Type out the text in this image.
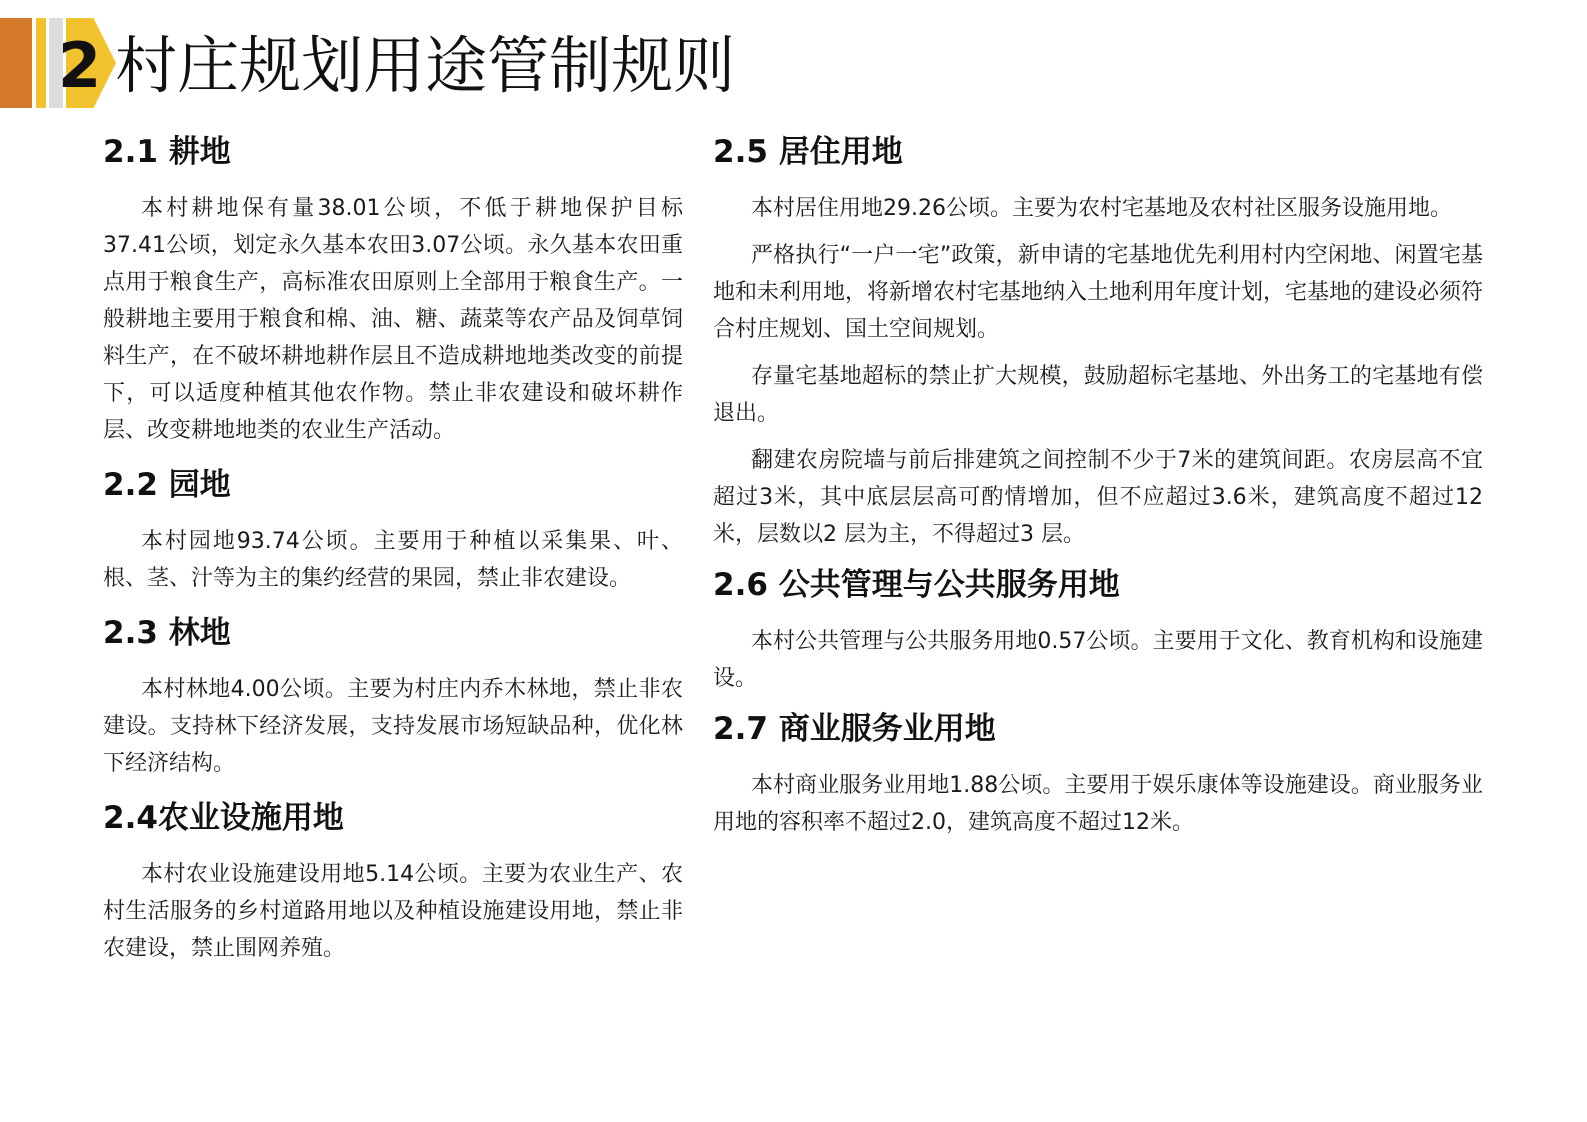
2 村庄规划用途管制规则
2.1 耕地

本村耕地保有量38.01公顷，不低于耕地保护目标37.41公顷，划定永久基本农田3.07公顷。永久基本农田重点用于粮食生产，高标准农田原则上全部用于粮食生产。一般耕地主要用于粮食和棉、油、糖、蔬菜等农产品及饲草饲料生产，在不破坏耕地耕作层且不造成耕地地类改变的前提下，可以适度种植其他农作物。禁止非农建设和破坏耕作层、改变耕地地类的农业生产活动。

2.2 园地

本村园地93.74公顷。主要用于种植以采集果、叶、根、茎、汁等为主的集约经营的果园，禁止非农建设。

2.3 林地

本村林地4.00公顷。主要为村庄内乔木林地，禁止非农建设。支持林下经济发展，支持发展市场短缺品种，优化林下经济结构。

2.4农业设施用地

本村农业设施建设用地5.14公顷。主要为农业生产、农村生活服务的乡村道路用地以及种植设施建设用地，禁止非农建设，禁止围网养殖。

2.5 居住用地

本村居住用地29.26公顷。主要为农村宅基地及农村社区服务设施用地。

严格执行“一户一宅”政策，新申请的宅基地优先利用村内空闲地、闲置宅基地和未利用地，将新增农村宅基地纳入土地利用年度计划，宅基地的建设必须符合村庄规划、国土空间规划。

存量宅基地超标的禁止扩大规模，鼓励超标宅基地、外出务工的宅基地有偿退出。

翻建农房院墙与前后排建筑之间控制不少于7米的建筑间距。农房层高不宜超过3米，其中底层层高可酌情增加，但不应超过3.6米，建筑高度不超过12米，层数以2 层为主，不得超过3 层。

2.6 公共管理与公共服务用地

本村公共管理与公共服务用地0.57公顷。主要用于文化、教育机构和设施建设。

2.7 商业服务业用地

本村商业服务业用地1.88公顷。主要用于娱乐康体等设施建设。商业服务业用地的容积率不超过2.0，建筑高度不超过12米。
